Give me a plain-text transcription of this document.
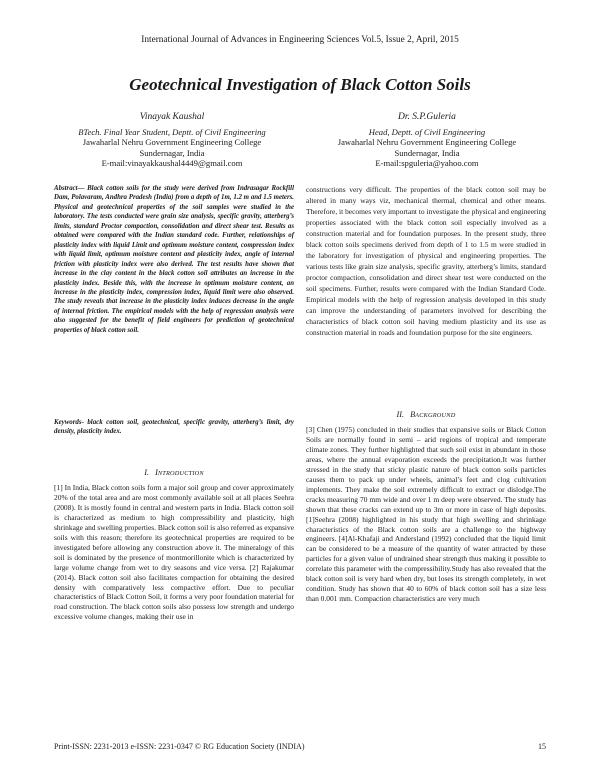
International Journal of Advances in Engineering Sciences Vol.5, Issue 2, April, 2015
Geotechnical Investigation of Black Cotton Soils
Vinayak Kaushal
BTech. Final Year Student, Deptt. of Civil Engineering
Jawaharlal Nehru Government Engineering College
Sundernagar, India
E-mail:vinayakkaushal4449@gmail.com
Dr. S.P.Guleria
Head, Deptt. of Civil Engineering
Jawaharlal Nehru Government Engineering College
Sundernagar, India
E-mail:spguleria@yahoo.com
Abstract— Black cotton soils for the study were derived from Indrasagar Rockfill Dam, Polavaram, Andhra Pradesh (India) from a depth of 1m, 1.2 m and 1.5 meters. Physical and geotechnical properties of the soil samples were studied in the laboratory. The tests conducted were grain size analysis, specific gravity, atterberg’s limits, standard Proctor compaction, consolidation and direct shear test. Results as obtained were compared with the Indian standard code. Further, relationships of plasticity index with liquid Limit and optimum moisture content, compression index with liquid limit, optimum moisture content and plasticity index, angle of internal friction with plasticity index were also derived. The test results have shown that increase in the clay content in the black cotton soil attributes an increase in the plasticity index. Beside this, with the increase in optimum moisture content, an increase in the plasticity index, compression index, liquid limit were also observed. The study reveals that increase in the plasticity index induces decrease in the angle of internal friction. The empirical models with the help of regression analysis were also suggested for the benefit of field engineers for prediction of geotechnical properties of black cotton soil.
Keywords- black cotton soil, geotechnical, specific gravity, atterberg’s limit, dry density, plasticity index.
I. INTRODUCTION
[1] In India, Black cotton soils form a major soil group and cover approximately 20% of the total area and are most commonly available soil at all places Seehra (2008). It is mostly found in central and western parts in India. Black cotton soil is characterized as medium to high compressibility and plasticity, high shrinkage and swelling properties. Black cotton soil is also referred as expansive soils with this reason; therefore its geotechnical properties are required to be investigated before allowing any construction above it. The mineralogy of this soil is dominated by the presence of montmorillonite which is characterized by large volume change from wet to dry seasons and vice versa. [2] Rajakumar (2014). Black cotton soil also facilitates compaction for obtaining the desired density with comparatively less compactive effort. Due to peculiar characteristics of Black Cotton Soil, it forms a very poor foundation material for road construction. The black cotton soils also possess low strength and undergo excessive volume changes, making their use in
constructions very difficult. The properties of the black cotton soil may be altered in many ways viz, mechanical thermal, chemical and other means. Therefore, it becomes very important to investigate the physical and engineering properties associated with the black cotton soil especially involved as a construction material and for foundation purposes. In the present study, three black cotton soils specimens derived from depth of 1 to 1.5 m were studied in the laboratory for investigation of physical and engineering properties. The various tests like grain size analysis, specific gravity, atterberg’s limits, standard proctor compaction, consolidation and direct shear test were conducted on the soil specimens. Further, results were compared with the Indian Standard Code. Empirical models with the help of regression analysis developed in this study can improve the understanding of parameters involved for describing the characteristics of black cotton soil having medium plasticity and its use as construction material in roads and foundation purpose for the site engineers.
II. BACKGROUND
[3] Chen (1975) concluded in their studies that expansive soils or Black Cotton Soils are normally found in semi – arid regions of tropical and temperate climate zones. They further highlighted that such soil exist in abundant in those areas, where the annual evaporation exceeds the precipitation.It was further stressed in the study that sticky plastic nature of black cotton soils particles causes them to pack up under wheels, animal’s feet and clog cultivation implements. They make the soil extremely difficult to extract or dislodge.The cracks measuring 70 mm wide and over 1 m deep were observed. The study has shown that these cracks can extend up to 3m or more in case of high deposits. [1]Seehra (2008) highlighted in his study that high swelling and shrinkage characteristics of the Black cotton soils are a challenge to the highway engineers. [4]Al-Khafaji and Andersland (1992) concluded that the liquid limit can be considered to be a measure of the quantity of water attracted by these particles for a given value of undrained shear strength thus making it possible to correlate this parameter with the compressibility.Study has also revealed that the black cotton soil is very hard when dry, but loses its strength completely, in wet condition. Study has shown that 40 to 60% of black cotton soil has a size less than 0.001 mm. Compaction characteristics are very much
Print-ISSN: 2231-2013 e-ISSN: 2231-0347 © RG Education Society (INDIA)	15
